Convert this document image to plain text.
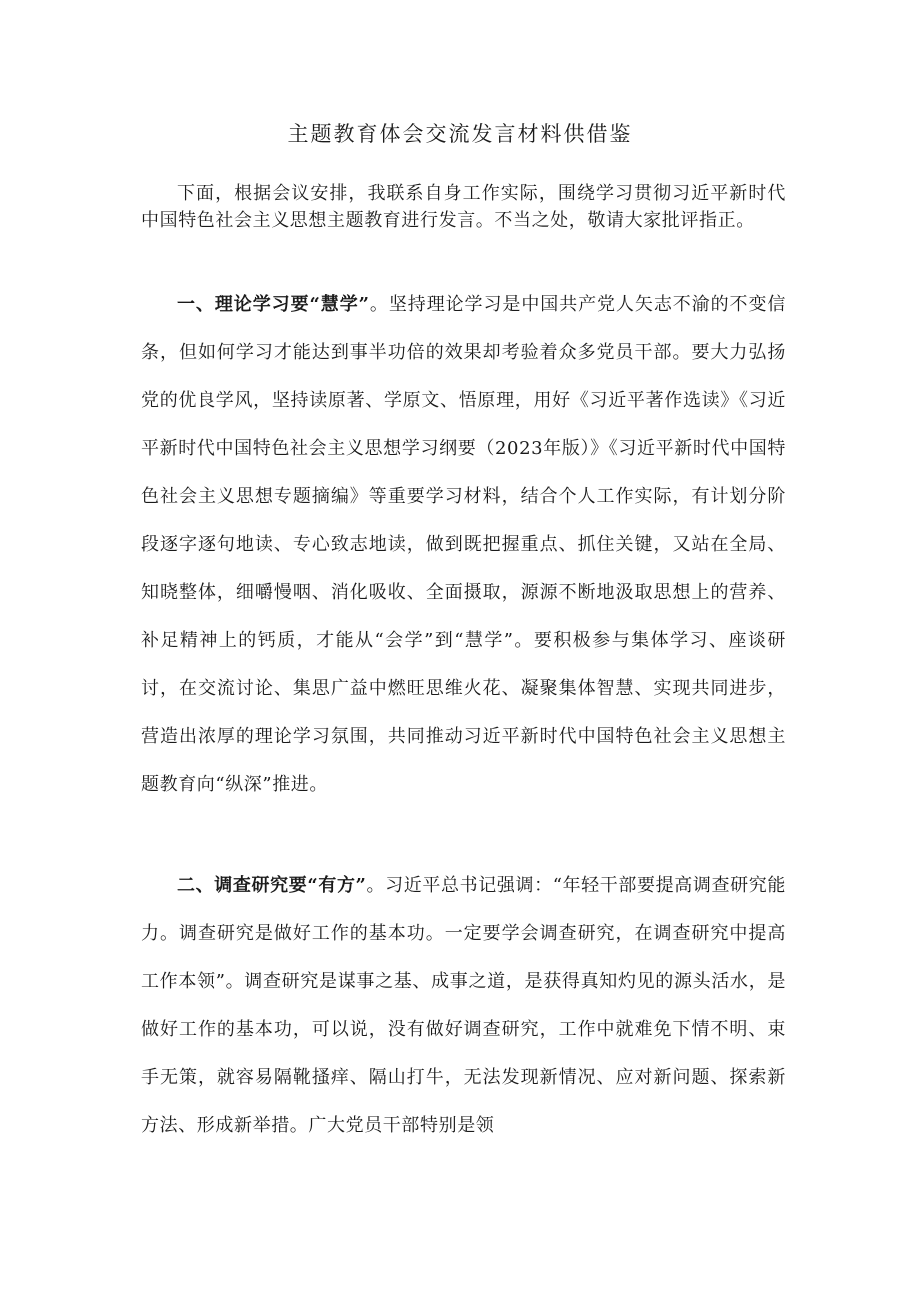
主题教育体会交流发言材料供借鉴

下面，根据会议安排，我联系自身工作实际，围绕学习贯彻习近平新时代中国特色社会主义思想主题教育进行发言。不当之处，敬请大家批评指正。

一、理论学习要“慧学”。坚持理论学习是中国共产党人矢志不渝的不变信条，但如何学习才能达到事半功倍的效果却考验着众多党员干部。要大力弘扬党的优良学风，坚持读原著、学原文、悟原理，用好《习近平著作选读》《习近平新时代中国特色社会主义思想学习纲要（2023年版）》《习近平新时代中国特色社会主义思想专题摘编》等重要学习材料，结合个人工作实际，有计划分阶段逐字逐句地读、专心致志地读，做到既把握重点、抓住关键，又站在全局、知晓整体，细嚼慢咽、消化吸收、全面摄取，源源不断地汲取思想上的营养、补足精神上的钙质，才能从“会学”到“慧学”。要积极参与集体学习、座谈研讨，在交流讨论、集思广益中燃旺思维火花、凝聚集体智慧、实现共同进步，营造出浓厚的理论学习氛围，共同推动习近平新时代中国特色社会主义思想主题教育向“纵深”推进。

二、调查研究要“有方”。习近平总书记强调：“年轻干部要提高调查研究能力。调查研究是做好工作的基本功。一定要学会调查研究，在调查研究中提高工作本领”。调查研究是谋事之基、成事之道，是获得真知灼见的源头活水，是做好工作的基本功，可以说，没有做好调查研究，工作中就难免下情不明、束手无策，就容易隔靴搔痒、隔山打牛，无法发现新情况、应对新问题、探索新方法、形成新举措。广大党员干部特别是领
